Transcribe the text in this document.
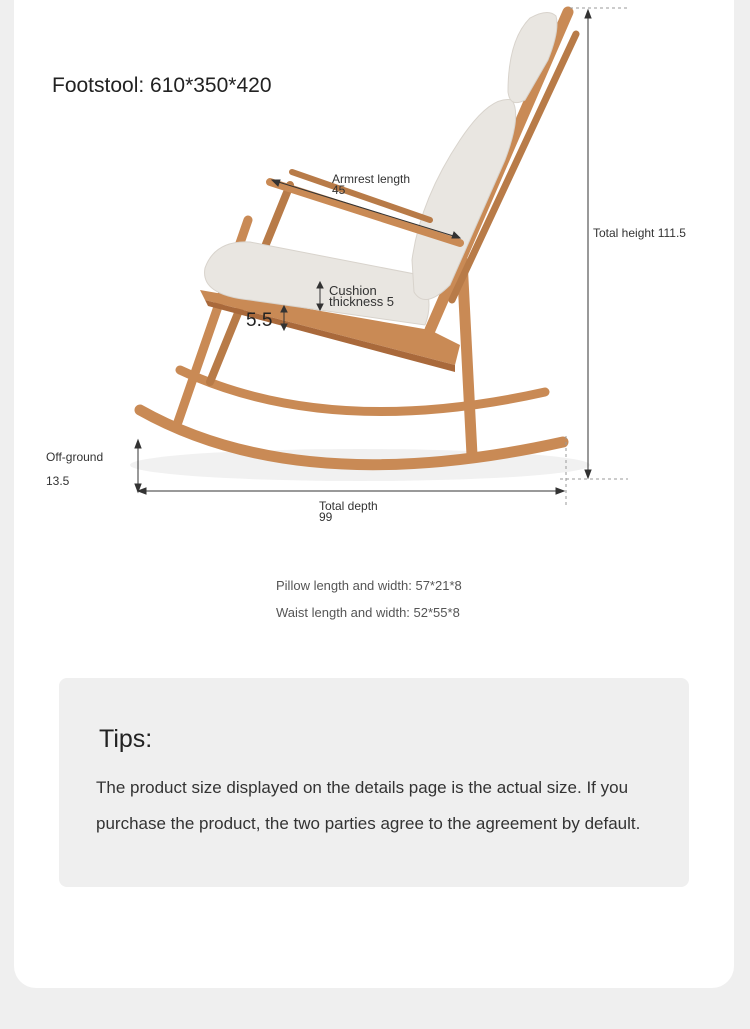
Footstool: 610*350*420
Armrest length
45
Cushion
thickness 5
5.5
Total height 111.5
Off-ground
13.5
Total depth
99
Pillow length and width: 57*21*8
Waist length and width: 52*55*8
Tips:
The product size displayed on the details page is the actual size. If you purchase the product, the two parties agree to the agreement by default.
